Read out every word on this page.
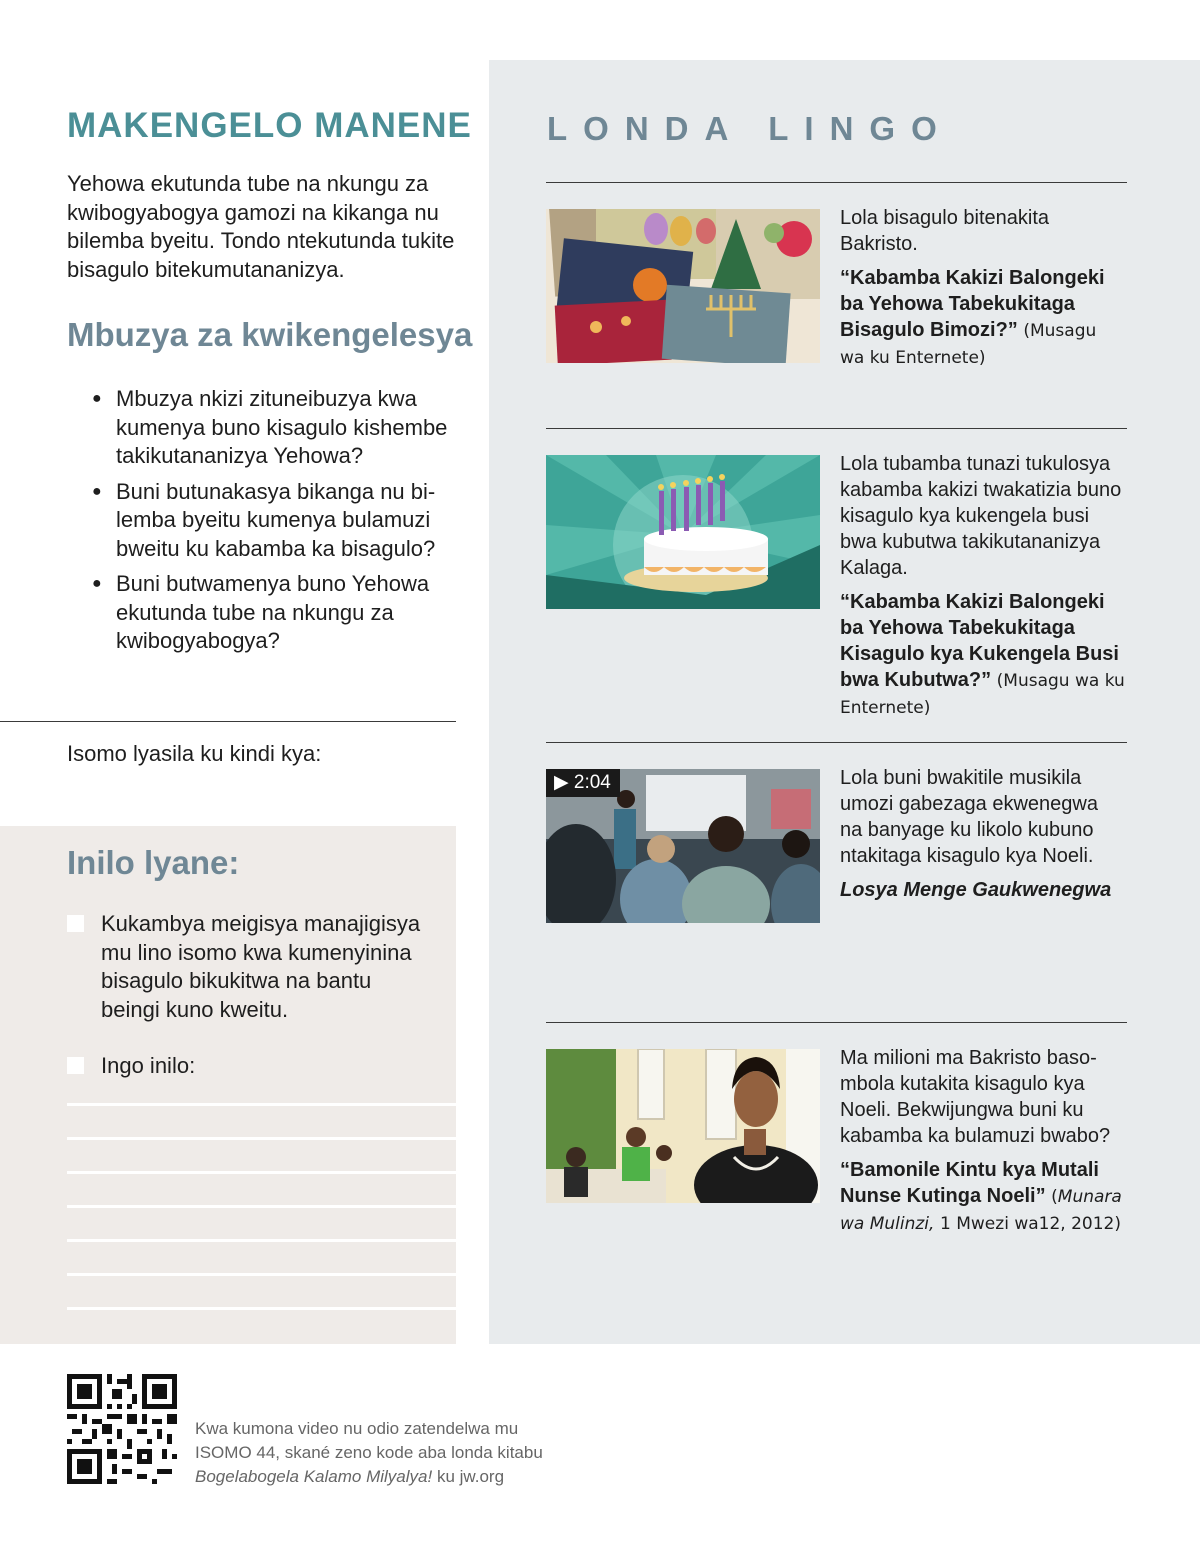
MAKENGELO MANENE

Yehowa ekutunda tube na nkungu za kwibogyabogya gamozi na kikanga nu bilemba byeitu. Tondo ntekutunda tukite bisagulo bitekumutananizya.

Mbuzya za kwikengelesya
● Mbuzya nkizi zituneibuzya kwa kumenya buno kisagulo kishembe takikutananizya Yehowa?
● Buni butunakasya bikanga nu bilemba byeitu kumenya bulamuzi bweitu ku kabamba ka bisagulo?
● Buni butwamenya buno Yehowa ekutunda tube na nkungu za kwibogyabogya?

Isomo lyasila ku kindi kya:

Inilo lyane:
Kukambya meigisya manajigisya mu lino isomo kwa kumenyinina bisagulo bikukitwa na bantu beingi kuno kweitu.
Ingo inilo:
LONDA LINGO
Lola bisagulo bitenakita Bakristo.
“Kabamba Kakizi Balongeki ba Yehowa Tabekukitaga Bisagulo Bimozi?” (Musagu wa ku Enternete)
Lola tubamba tunazi tukulosya kabamba kakizi twakatizia buno kisagulo kya kukengela busi bwa kubutwa takikutananizya Kalaga.
“Kabamba Kakizi Balongeki ba Yehowa Tabekukitaga Kisagulo kya Kukengela Busi bwa Kubutwa?” (Musagu wa ku Enternete)
▶ 2:04	Lola buni bwakitile musikila umozi gabezaga ekwenegwa na banyage ku likolo kubuno ntakitaga kisagulo kya Noeli.
Losya Menge Gaukwenegwa
Ma milioni ma Bakristo basombola kutakita kisagulo kya Noeli. Bekwijungwa buni ku kabamba ka bulamuzi bwabo?
“Bamonile Kintu kya Mutali Nunse Kutinga Noeli” (Munara wa Mulinzi, 1 Mwezi wa12, 2012)
Kwa kumona video nu odio zatendelwa mu
ISOMO 44, skané zeno kode aba londa kitabu
Bogelabogela Kalamo Milyalya! ku jw.org
